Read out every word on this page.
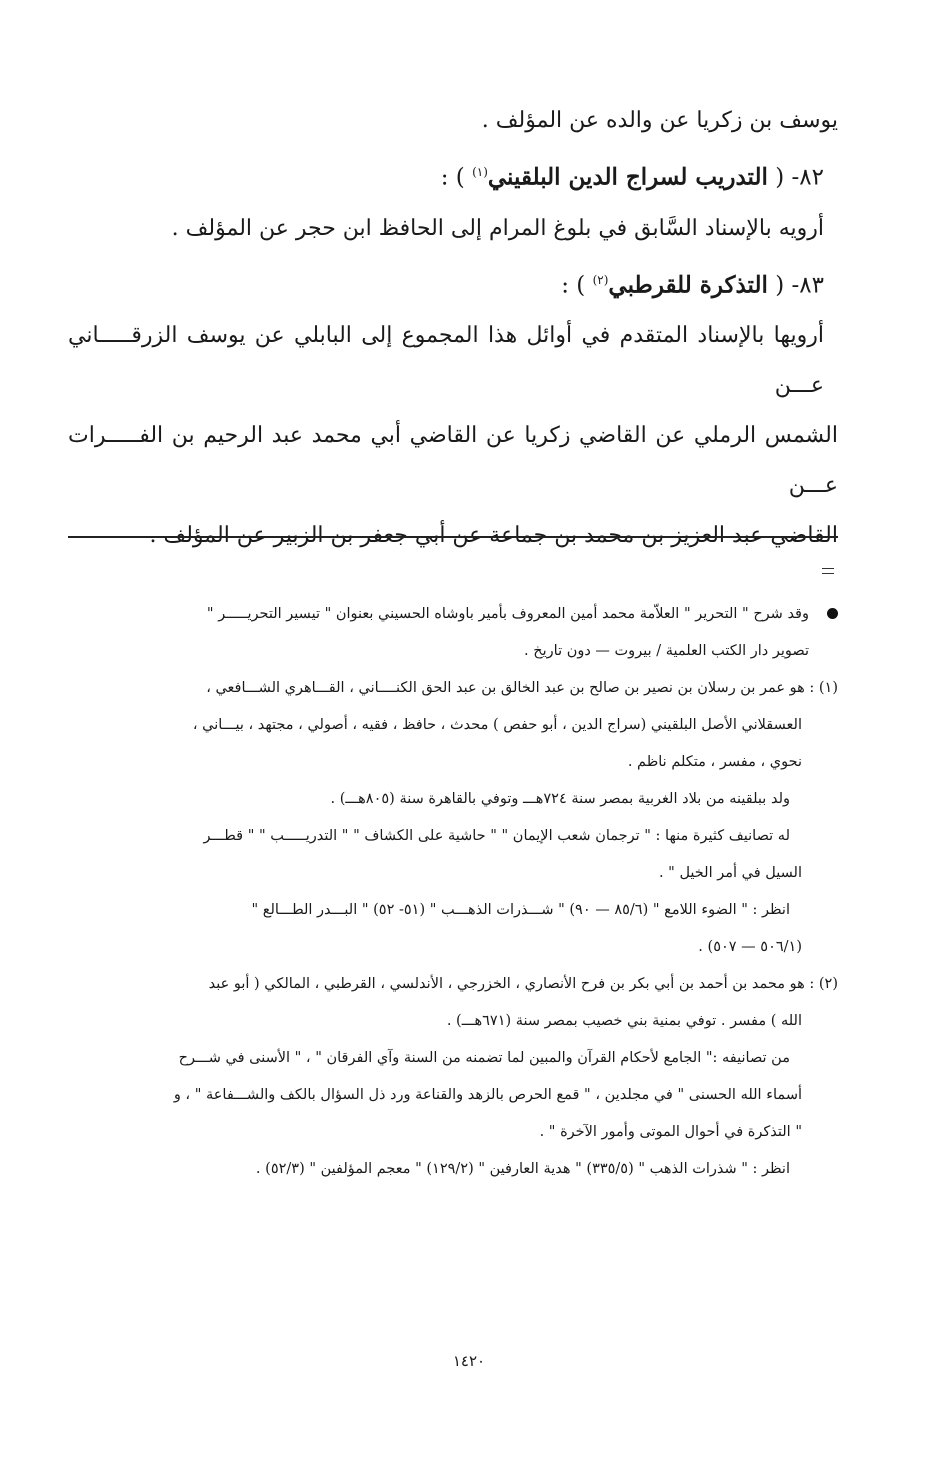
يوسف بن زكريا عن والده عن المؤلف .

٨٢- ( التدريب لسراج الدين البلقيني$^{(١)}$ ) :

أرويه بالإسناد السَّابق في بلوغ المرام إلى الحافظ ابن حجر عن المؤلف .

٨٣- ( التذكرة للقرطبي$^{(٢)}$ ) :

أرويها بالإسناد المتقدم في أوائل هذا المجموع إلى البابلي عن يوسف الزرقـــــاني عـــن

الشمس الرملي عن القاضي زكريا عن القاضي أبي محمد عبد الرحيم بن الفـــــرات عـــن

القاضي عبد العزيز بن محمد بن جماعة عن أبي جعفر بن الزبير عن المؤلف .

وقد شرح " التحرير " العلاّمة محمد أمين المعروف بأمير باوشاه الحسيني بعنوان " تيسير التحريـــــر "

تصوير دار الكتب العلمية / بيروت — دون تاريخ .

(١) : هو عمر بن رسلان بن نصير بن صالح بن عبد الخالق بن عبد الحق الكنــــاني ، القـــاهري الشـــافعي ،

العسقلاني الأصل البلقيني (سراج الدين ، أبو حفص ) محدث ، حافظ ، فقيه ، أصولي ، مجتهد ، بيـــاني ،

نحوي ، مفسر ، متكلم ناظم .

ولد ببلقينه من بلاد الغربية بمصر سنة ٧٢٤هـــ وتوفي بالقاهرة سنة (٨٠٥هـــ) .

له تصانيف كثيرة منها : " ترجمان شعب الإيمان " " حاشية على الكشاف " " التدريـــــب " " قطـــر

السيل في أمر الخيل " .

انظر : " الضوء اللامع " (٨٥/٦ — ٩٠) " شـــذرات الذهـــب " (٥١- ٥٢) " البـــدر الطـــالع "

(٥٠٦/١ — ٥٠٧) .

(٢) : هو محمد بن أحمد بن أبي بكر بن فرح الأنصاري ، الخزرجي ، الأندلسي ، القرطبي ، المالكي ( أبو عبد

الله ) مفسر . توفي بمنية بني خصيب بمصر سنة (٦٧١هـــ) .

من تصانيفه :" الجامع لأحكام القرآن والمبين لما تضمنه من السنة وآي الفرقان " ، " الأسنى في شـــرح

أسماء الله الحسنى " في مجلدين ، " قمع الحرص بالزهد والقناعة ورد ذل السؤال بالكف والشـــفاعة " ، و

" التذكرة في أحوال الموتى وأمور الآخرة " .

انظر : " شذرات الذهب " (٣٣٥/٥) " هدية العارفين " (١٢٩/٢) " معجم المؤلفين " (٥٢/٣) .

١٤٢٠
